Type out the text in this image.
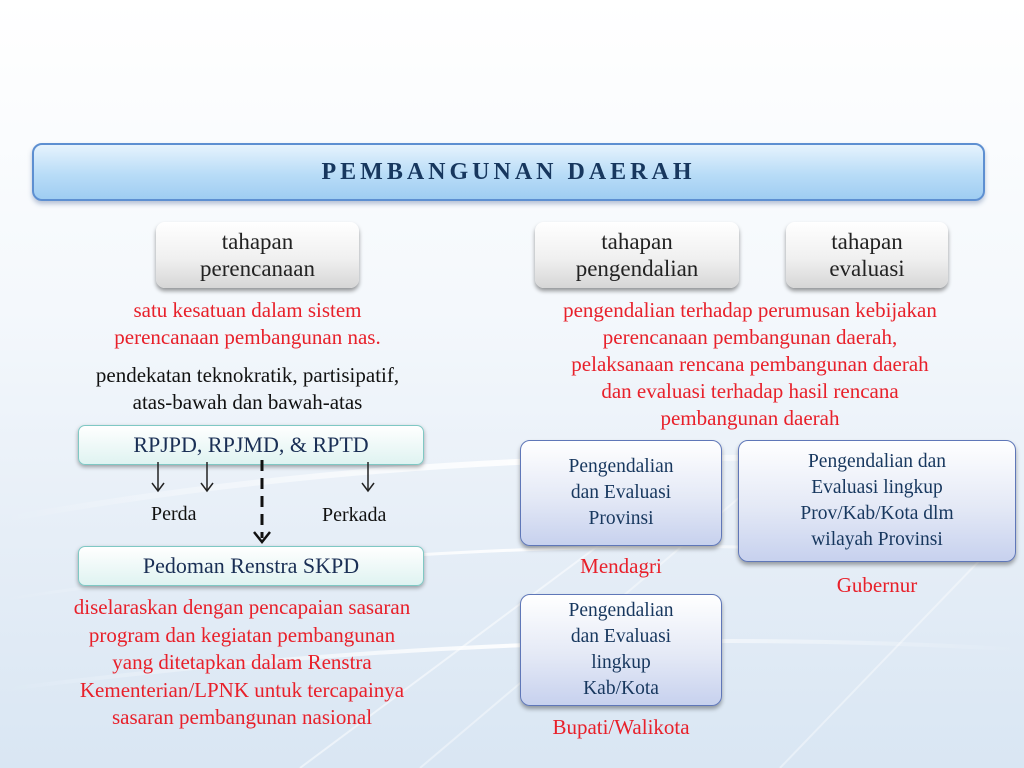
PEMBANGUNAN DAERAH
tahapan
perencanaan
tahapan
pengendalian
tahapan
evaluasi
satu kesatuan dalam sistem
perencanaan pembangunan nas.
pendekatan teknokratik, partisipatif,
atas-bawah dan bawah-atas
RPJPD, RPJMD, & RPTD
Perda	Perkada
Pedoman Renstra SKPD
diselaraskan dengan pencapaian sasaran
program dan kegiatan pembangunan
yang ditetapkan dalam Renstra
Kementerian/LPNK untuk tercapainya
sasaran pembangunan nasional
pengendalian terhadap perumusan kebijakan
perencanaan pembangunan daerah,
pelaksanaan rencana pembangunan daerah
dan evaluasi terhadap hasil rencana
pembangunan daerah
Pengendalian
dan Evaluasi
Provinsi
Mendagri
Pengendalian dan
Evaluasi lingkup
Prov/Kab/Kota dlm
wilayah Provinsi
Gubernur
Pengendalian
dan Evaluasi
lingkup
Kab/Kota
Bupati/Walikota
